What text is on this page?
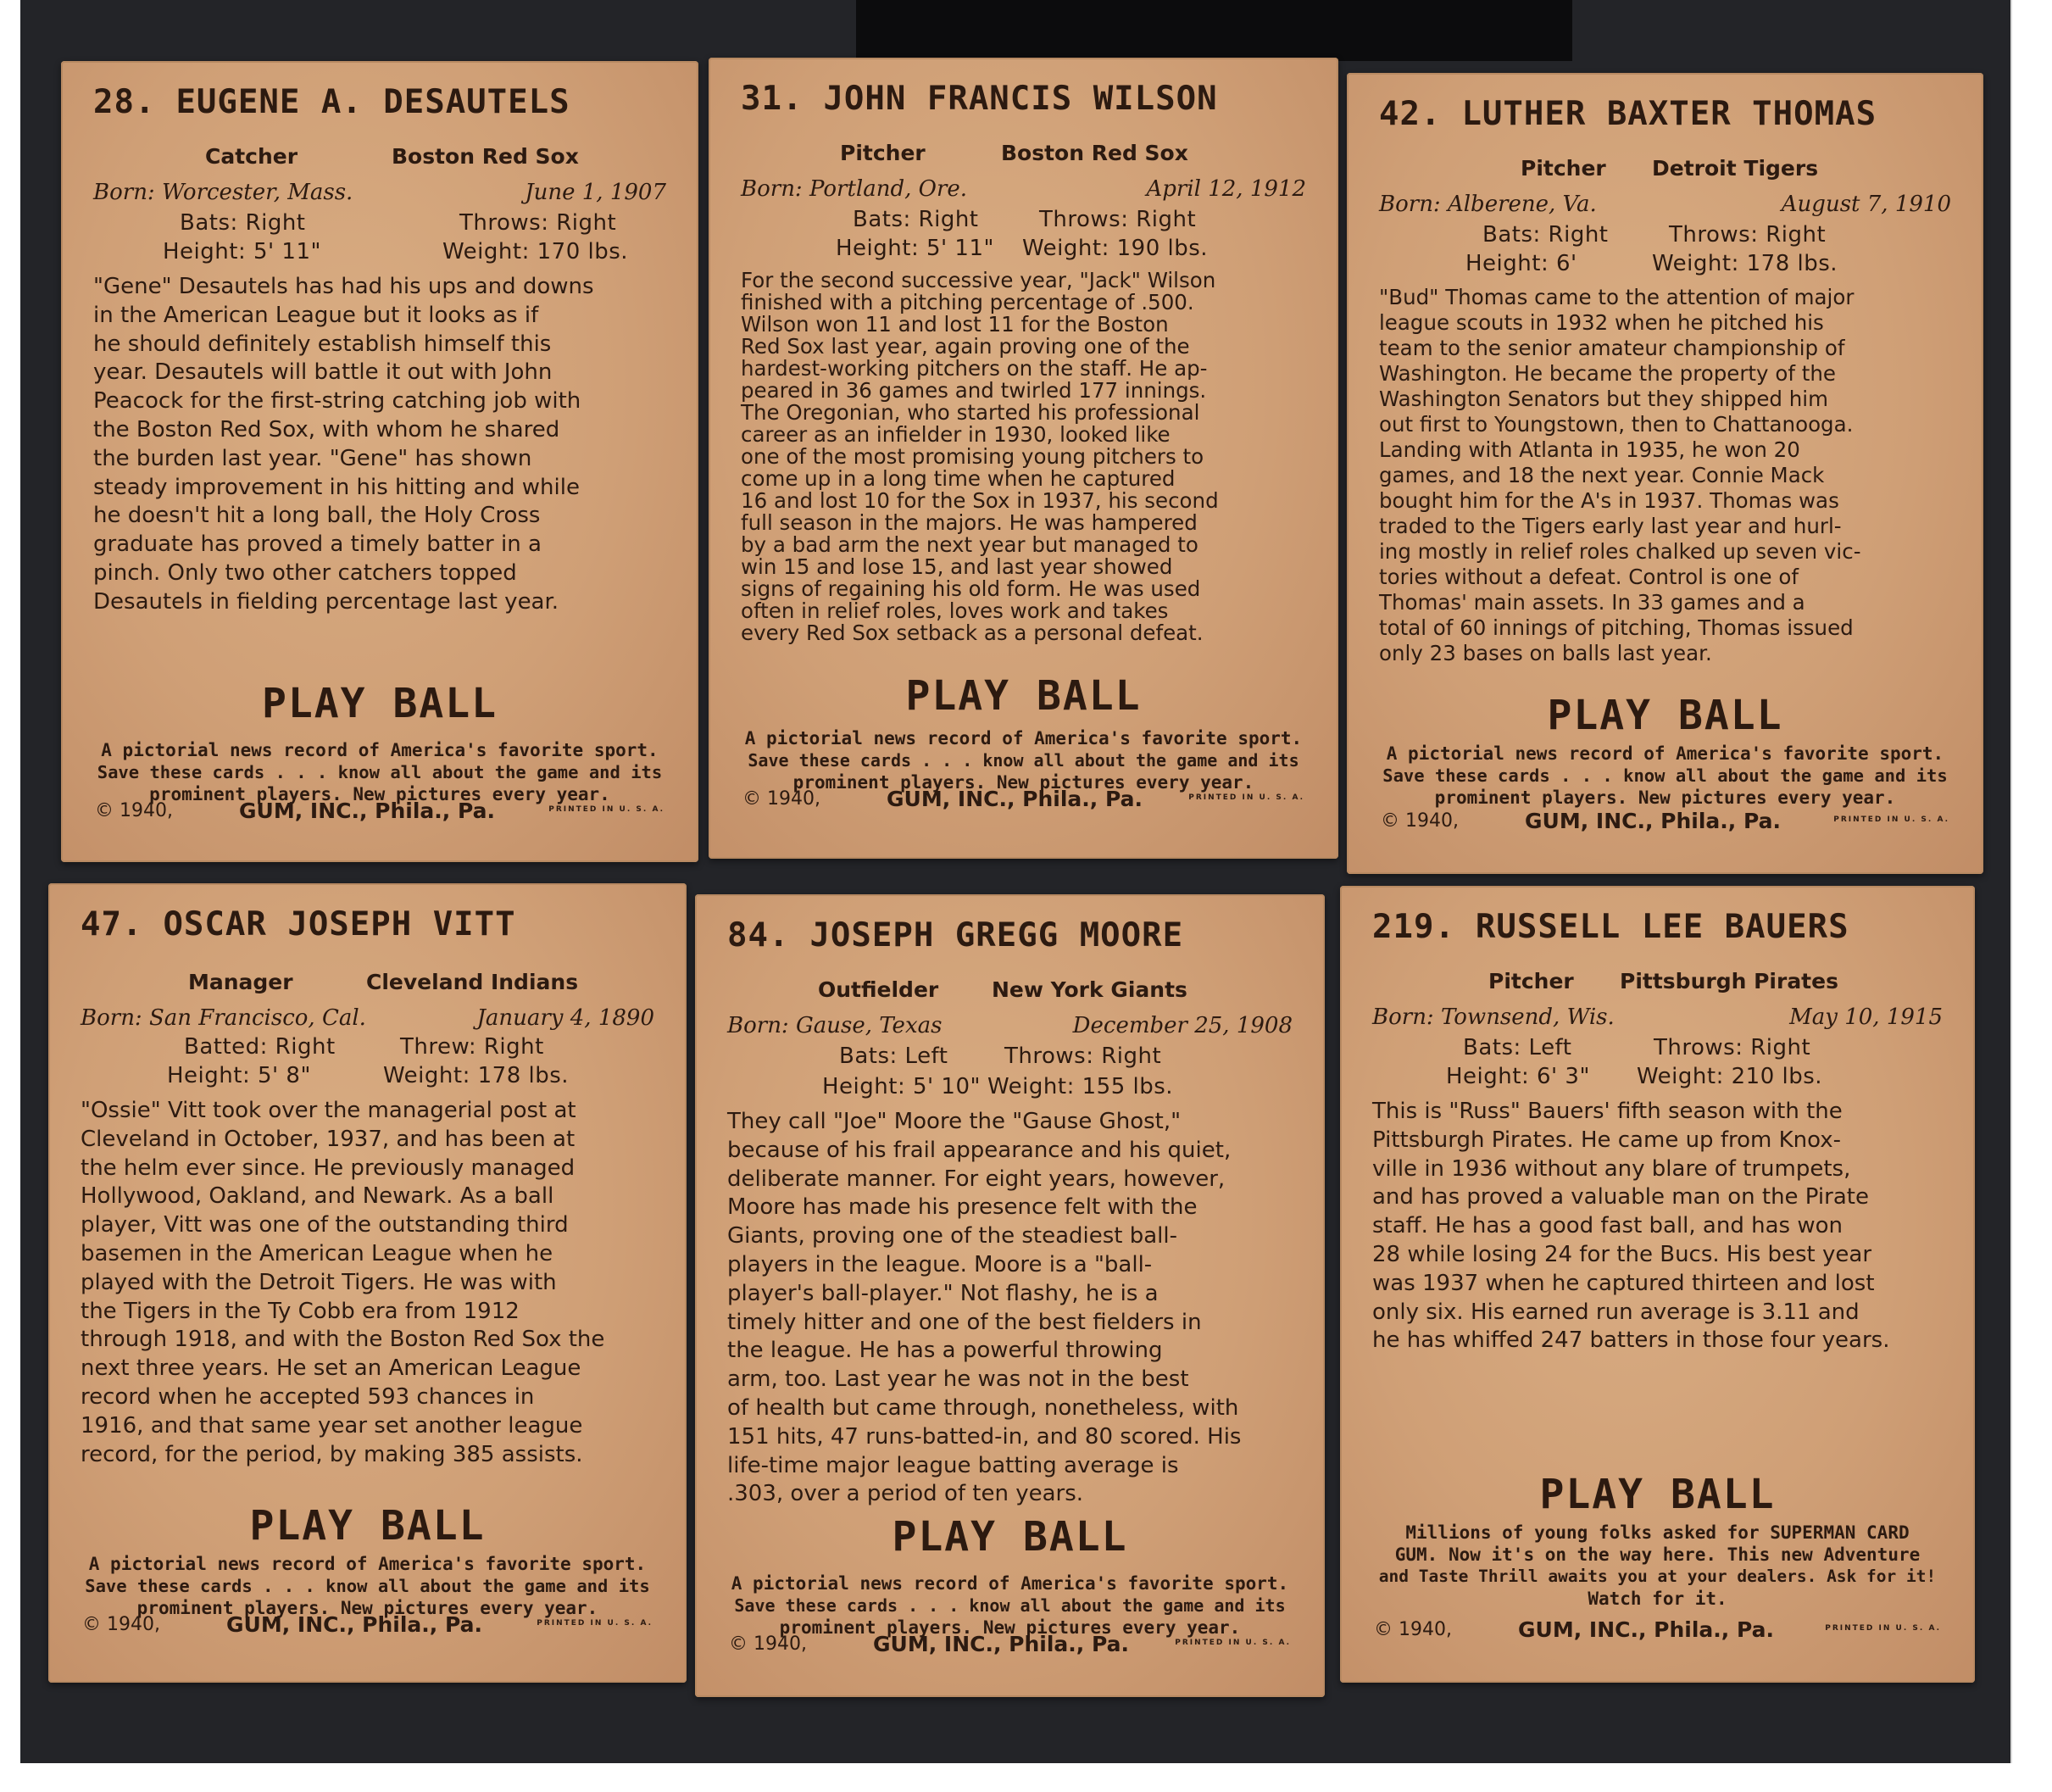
28. EUGENE A. DESAUTELS
Catcher	Boston Red Sox
Born: Worcester, Mass.	June 1, 1907
Bats: Right	Throws: Right
Height: 5' 11"	Weight: 170 lbs.
"Gene" Desautels has had his ups and downs
in the American League but it looks as if
he should definitely establish himself this
year. Desautels will battle it out with John
Peacock for the first-string catching job with
the Boston Red Sox, with whom he shared
the burden last year. "Gene" has shown
steady improvement in his hitting and while
he doesn't hit a long ball, the Holy Cross
graduate has proved a timely batter in a
pinch. Only two other catchers topped
Desautels in fielding percentage last year.
PLAY BALL
A pictorial news record of America's favorite sport.
Save these cards . . . know all about the game and its
prominent players. New pictures every year.
© 1940,	GUM, INC., Phila., Pa.	PRINTED IN U. S. A.
31. JOHN FRANCIS WILSON
Pitcher	Boston Red Sox
Born: Portland, Ore.	April 12, 1912
Bats: Right	Throws: Right
Height: 5' 11" Weight: 190 lbs.
For the second successive year, "Jack" Wilson
finished with a pitching percentage of .500.
Wilson won 11 and lost 11 for the Boston
Red Sox last year, again proving one of the
hardest-working pitchers on the staff. He ap-
peared in 36 games and twirled 177 innings.
The Oregonian, who started his professional
career as an infielder in 1930, looked like
one of the most promising young pitchers to
come up in a long time when he captured
16 and lost 10 for the Sox in 1937, his second
full season in the majors. He was hampered
by a bad arm the next year but managed to
win 15 and lose 15, and last year showed
signs of regaining his old form. He was used
often in relief roles, loves work and takes
every Red Sox setback as a personal defeat.
PLAY BALL
A pictorial news record of America's favorite sport.
Save these cards . . . know all about the game and its
prominent players. New pictures every year.
© 1940,	GUM, INC., Phila., Pa.	PRINTED IN U. S. A.
42. LUTHER BAXTER THOMAS
Pitcher Detroit Tigers
Born: Alberene, Va.	August 7, 1910
Bats: Right	Throws: Right
Height: 6'	Weight: 178 lbs.
"Bud" Thomas came to the attention of major
league scouts in 1932 when he pitched his
team to the senior amateur championship of
Washington. He became the property of the
Washington Senators but they shipped him
out first to Youngstown, then to Chattanooga.
Landing with Atlanta in 1935, he won 20
games, and 18 the next year. Connie Mack
bought him for the A's in 1937. Thomas was
traded to the Tigers early last year and hurl-
ing mostly in relief roles chalked up seven vic-
tories without a defeat. Control is one of
Thomas' main assets. In 33 games and a
total of 60 innings of pitching, Thomas issued
only 23 bases on balls last year.
PLAY BALL
A pictorial news record of America's favorite sport.
Save these cards . . . know all about the game and its
prominent players. New pictures every year.
© 1940,	GUM, INC., Phila., Pa.	PRINTED IN U. S. A.
47. OSCAR JOSEPH VITT
Manager	Cleveland Indians
Born: San Francisco, Cal.	January 4, 1890
Batted: Right	Threw: Right
Height: 5' 8"	Weight: 178 lbs.
"Ossie" Vitt took over the managerial post at
Cleveland in October, 1937, and has been at
the helm ever since. He previously managed
Hollywood, Oakland, and Newark. As a ball
player, Vitt was one of the outstanding third
basemen in the American League when he
played with the Detroit Tigers. He was with
the Tigers in the Ty Cobb era from 1912
through 1918, and with the Boston Red Sox the
next three years. He set an American League
record when he accepted 593 chances in
1916, and that same year set another league
record, for the period, by making 385 assists.
PLAY BALL
A pictorial news record of America's favorite sport.
Save these cards . . . know all about the game and its
prominent players. New pictures every year.
© 1940,	GUM, INC., Phila., Pa.	PRINTED IN U. S. A.
84. JOSEPH GREGG MOORE
Outfielder	New York Giants
Born: Gause, Texas	December 25, 1908
Bats: Left	Throws: Right
Height: 5' 10" Weight: 155 lbs.
They call "Joe" Moore the "Gause Ghost,"
because of his frail appearance and his quiet,
deliberate manner. For eight years, however,
Moore has made his presence felt with the
Giants, proving one of the steadiest ball-
players in the league. Moore is a "ball-
player's ball-player." Not flashy, he is a
timely hitter and one of the best fielders in
the league. He has a powerful throwing
arm, too. Last year he was not in the best
of health but came through, nonetheless, with
151 hits, 47 runs-batted-in, and 80 scored. His
life-time major league batting average is
.303, over a period of ten years.
PLAY BALL
A pictorial news record of America's favorite sport.
Save these cards . . . know all about the game and its
prominent players. New pictures every year.
© 1940,	GUM, INC., Phila., Pa.	PRINTED IN U. S. A.
219. RUSSELL LEE BAUERS
Pitcher Pittsburgh Pirates
Born: Townsend, Wis.	May 10, 1915
Bats: Left	Throws: Right
Height: 6' 3" Weight: 210 lbs.
This is "Russ" Bauers' fifth season with the
Pittsburgh Pirates. He came up from Knox-
ville in 1936 without any blare of trumpets,
and has proved a valuable man on the Pirate
staff. He has a good fast ball, and has won
28 while losing 24 for the Bucs. His best year
was 1937 when he captured thirteen and lost
only six. His earned run average is 3.11 and
he has whiffed 247 batters in those four years.
PLAY BALL
Millions of young folks asked for SUPERMAN CARD
GUM. Now it's on the way here. This new Adventure
and Taste Thrill awaits you at your dealers. Ask for it!
Watch for it.
© 1940,	GUM, INC., Phila., Pa.	PRINTED IN U. S. A.
